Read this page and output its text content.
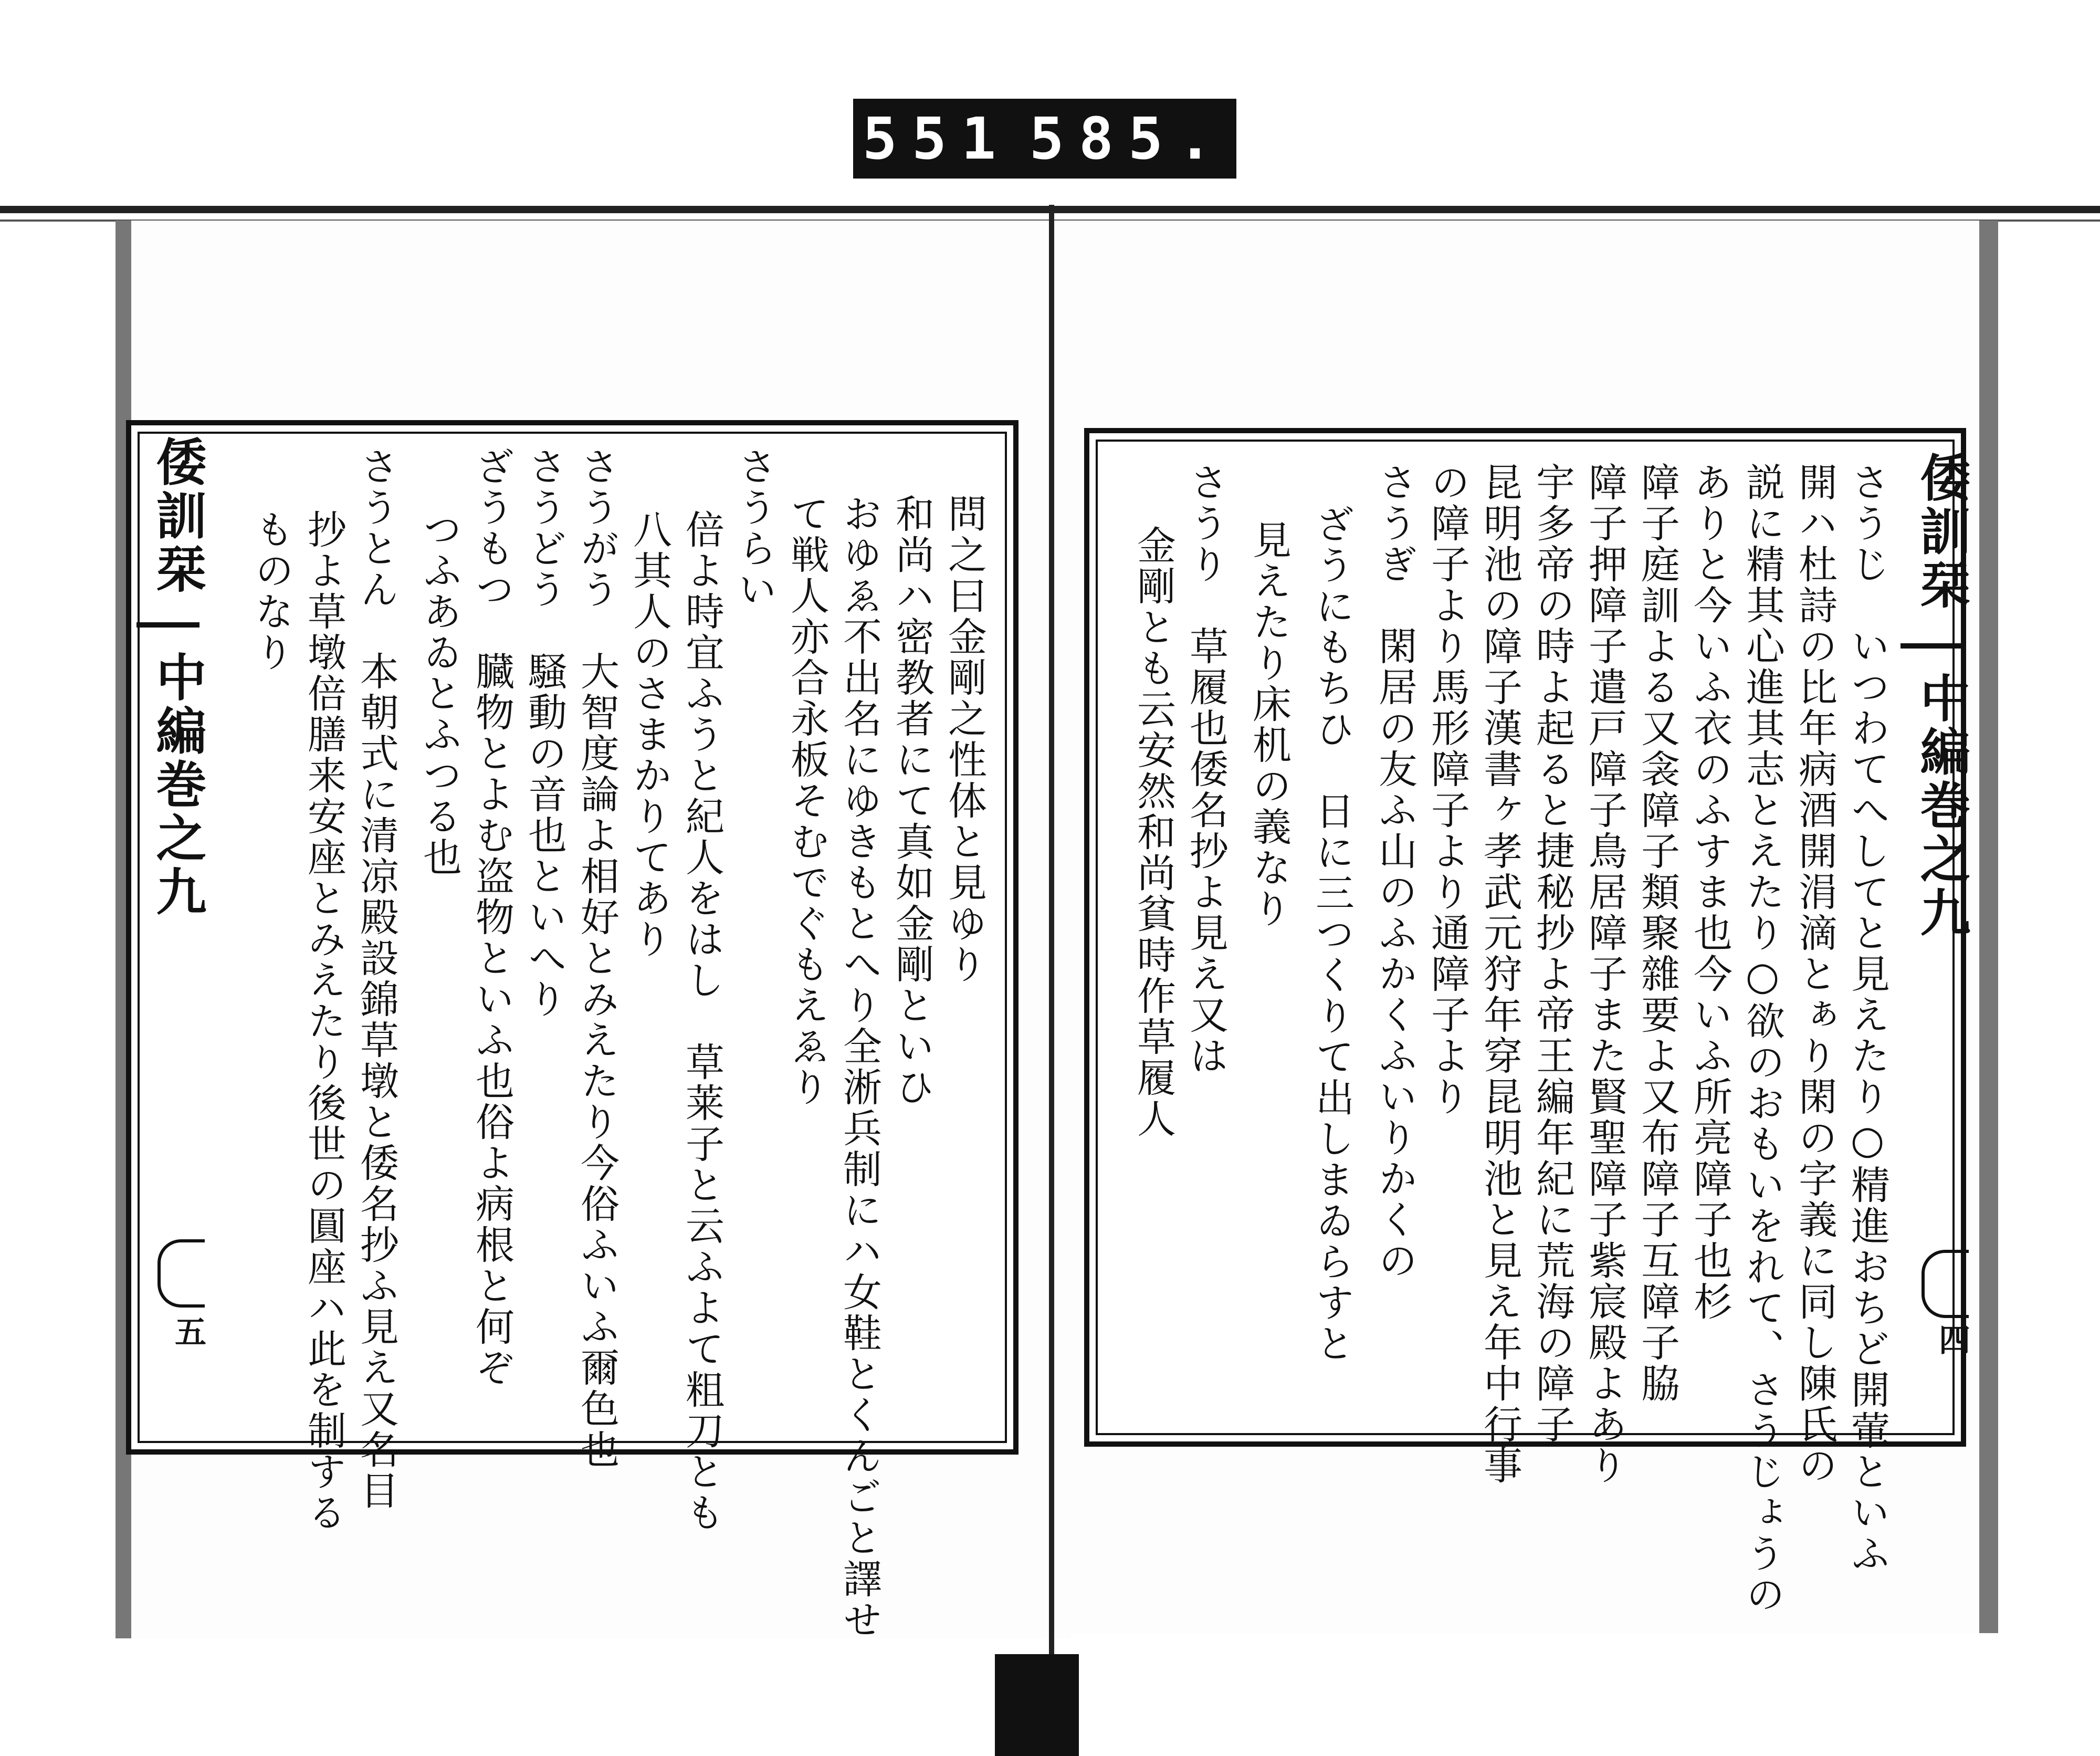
551 585.
倭訓栞
中編巻之九
五
問之曰金剛之性体と見ゆり
和尚ハ密教者にて真如金剛といひ
おゆゑ不出名にゆきもとへり全淅兵制にハ女鞋とくんごと譯せ
て戦人亦合永板そむでぐもえゑり
さうらい
倍よ時宜ふうと紀人をはし　草莱子と云ふよて粗刀とも
八其人のさまかりてあり
さうがう　大智度論よ相好とみえたり今俗ふいふ爾色也
さうどう　騒動の音也といへり
ざうもつ　臓物とよむ盗物といふ也俗よ病根と何ぞ
つふあゐとふつる也
さうとん　本朝式に清凉殿設錦草墩と倭名抄ふ見え又名目
抄よ草墩倍膳来安座とみえたり後世の圓座ハ此を制する
ものなり	倭訓栞
中編巻之九
四
さうじ　いつわてへしてと見えたり○精進おちど開葷といふ
開ハ杜詩の比年病酒開涓滴とぁり閑の字義に同し陳氏の
説に精其心進其志とえたり○欲のおもいをれて、さうじょうの
ありと今いふ衣のふすま也今いふ所亮障子也杉
障子庭訓よる又衾障子類聚雜要よ又布障子互障子脇
障子押障子遣戸障子鳥居障子また賢聖障子紫宸殿よあり
宇多帝の時よ起ると捷秘抄よ帝王編年紀に荒海の障子
昆明池の障子漢書ヶ孝武元狩年穿昆明池と見え年中行事
の障子より馬形障子より通障子より
さうぎ　閑居の友ふ山のふかくふいりかくの
ざうにもちひ　日に三つくりて出しまゐらすと
見えたり床机の義なり
さうり　草履也倭名抄よ見え又は
金剛とも云安然和尚貧時作草履人
